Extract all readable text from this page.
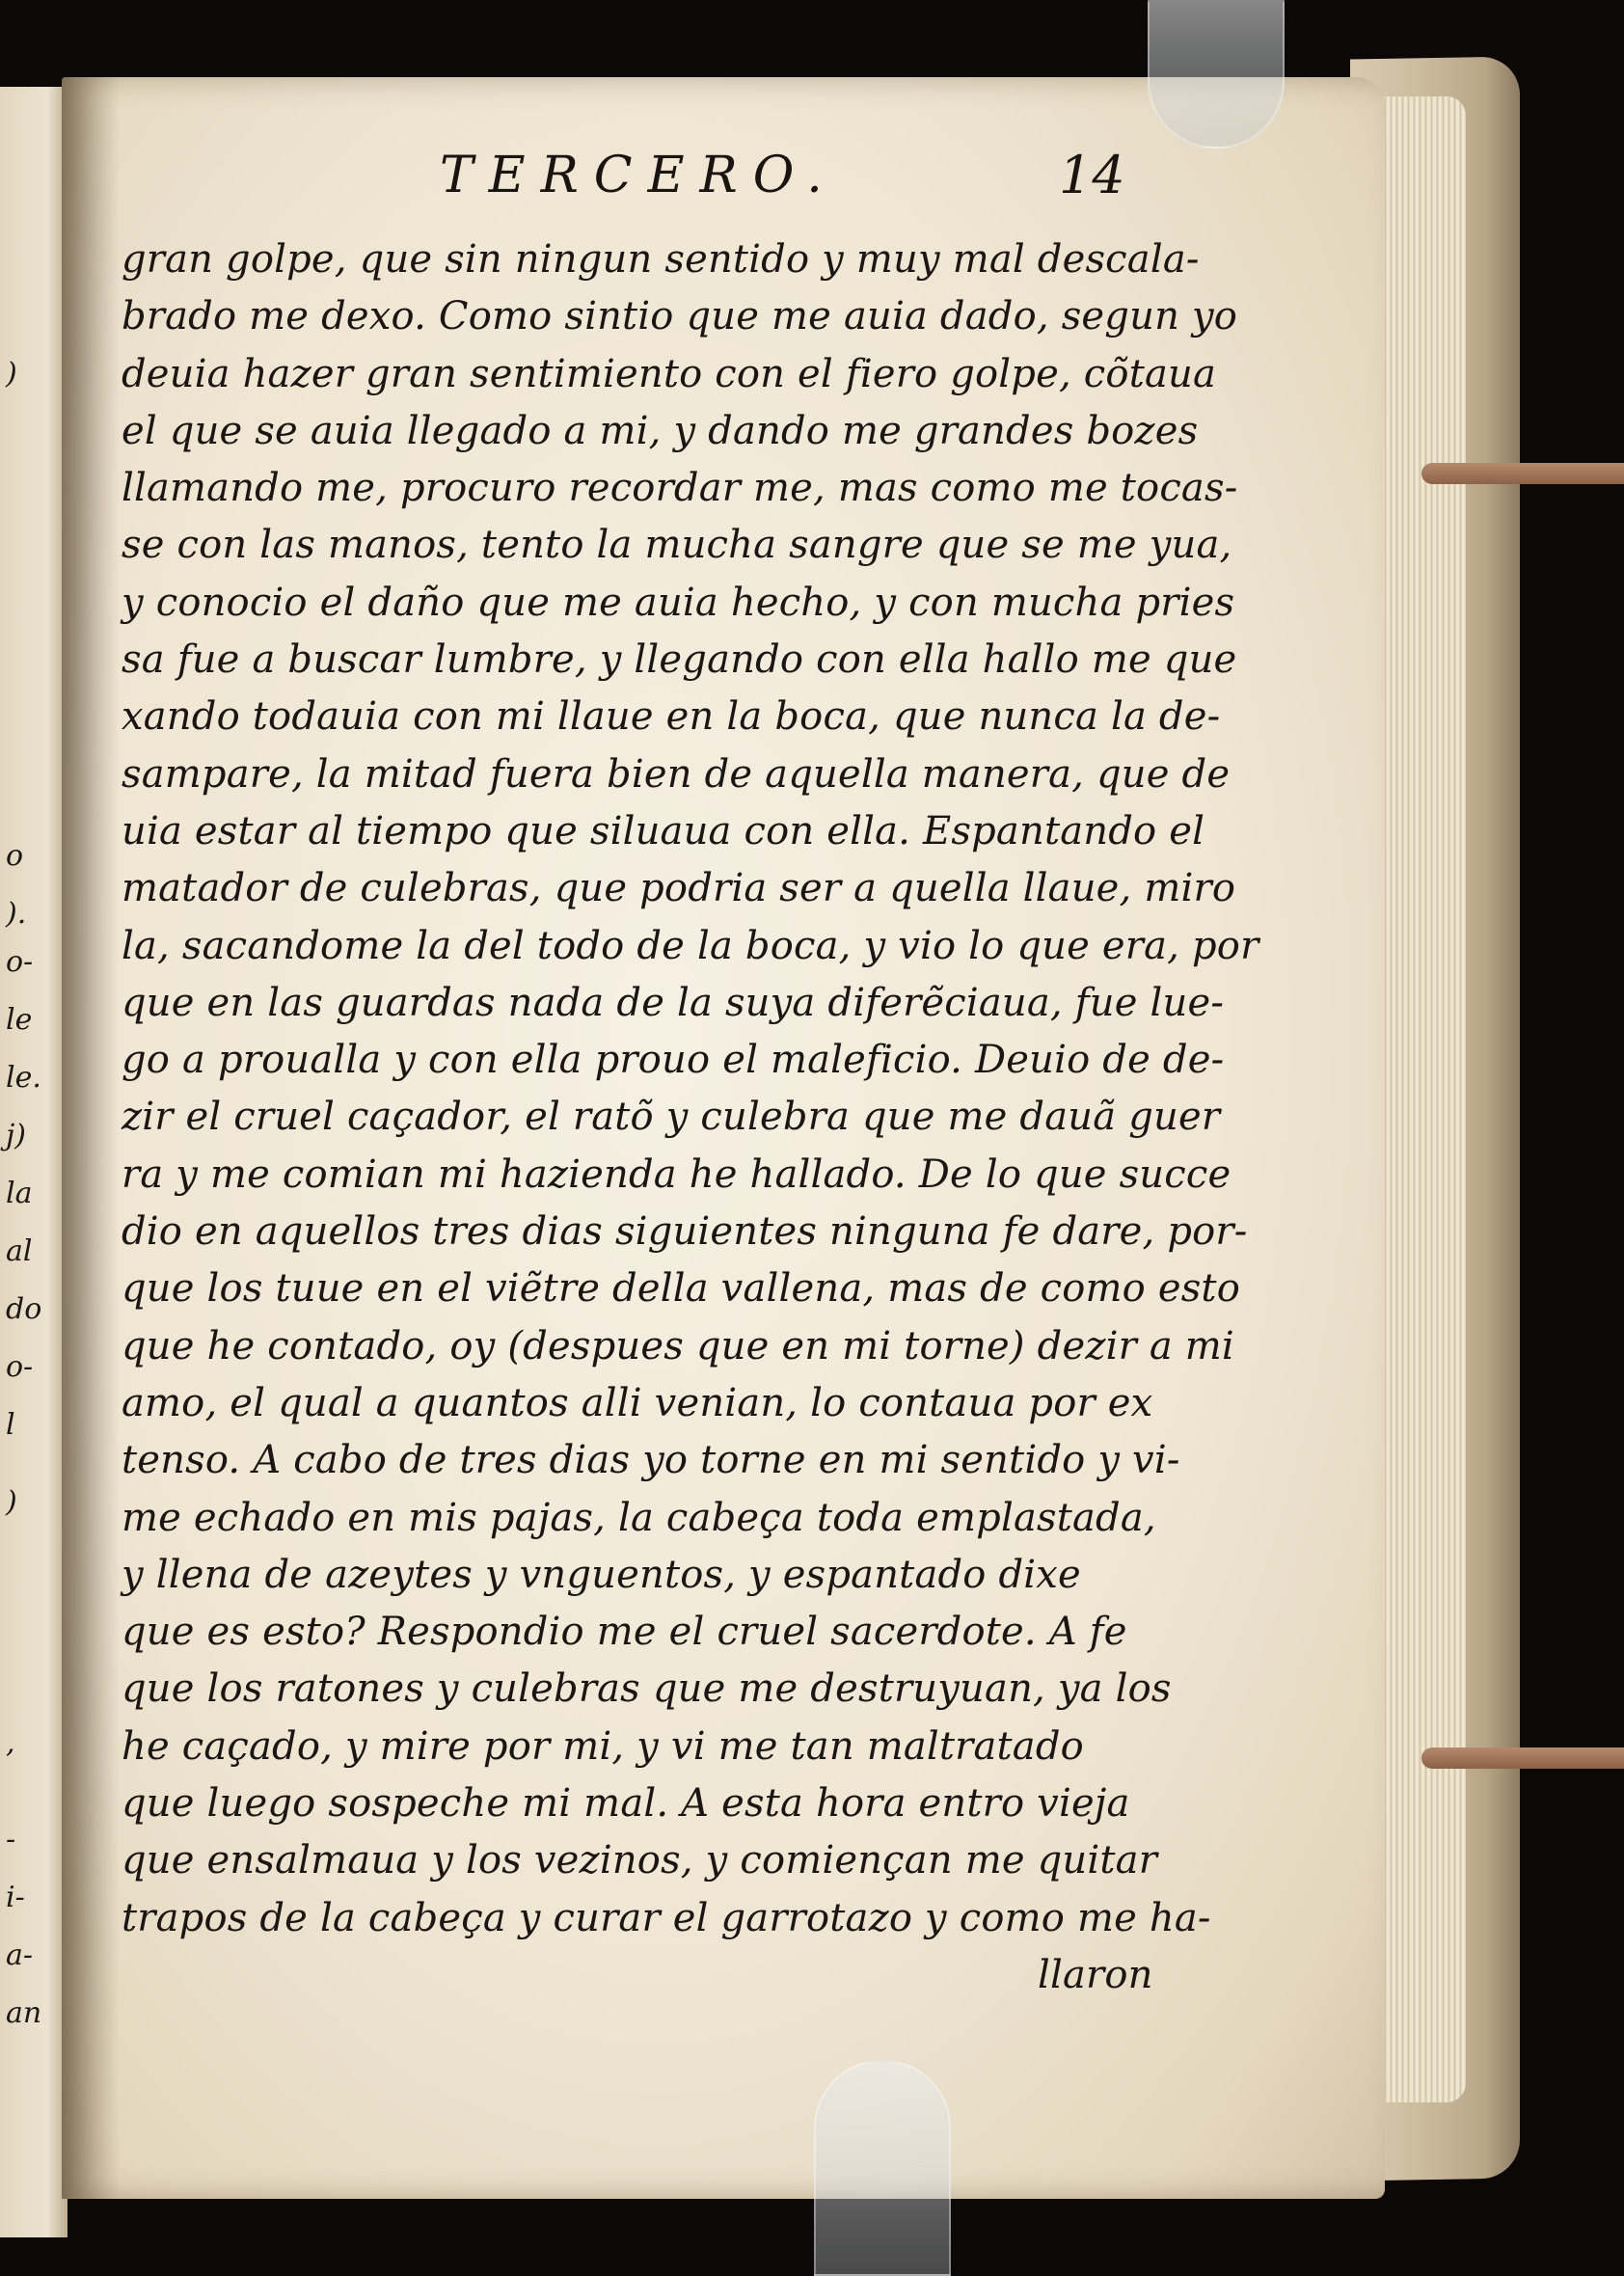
)
o
).
o-
le
le.
j)
la
al
do
o-
l
)
,
-
i-
a-
an
TERCERO.	14
gran golpe, que sin ningun sentido y muy mal descala-
brado me dexo. Como sintio que me auia dado, segun yo
deuia hazer gran sentimiento con el fiero golpe, cõtaua
el que se auia llegado a mi, y dando me grandes bozes
llamando me, procuro recordar me, mas como me tocas-
se con las manos, tento la mucha sangre que se me yua,
y conocio el daño que me auia hecho, y con mucha pries
sa fue a buscar lumbre, y llegando con ella hallo me que
xando todauia con mi llaue en la boca, que nunca la de-
sampare, la mitad fuera bien de aquella manera, que de
uia estar al tiempo que siluaua con ella. Espantando el
matador de culebras, que podria ser a quella llaue, miro
la, sacandome la del todo de la boca, y vio lo que era, por
que en las guardas nada de la suya diferẽciaua, fue lue-
go a proualla y con ella prouo el maleficio. Deuio de de-
zir el cruel caçador, el ratõ y culebra que me dauã guer
ra y me comian mi hazienda he hallado. De lo que succe
dio en aquellos tres dias siguientes ninguna fe dare, por-
que los tuue en el viẽtre della vallena, mas de como esto
que he contado, oy (despues que en mi torne) dezir a mi
amo, el qual a quantos alli venian, lo contaua por ex
tenso. A cabo de tres dias yo torne en mi sentido y vi-
me echado en mis pajas, la cabeça toda emplastada,
y llena de azeytes y vnguentos, y espantado dixe
que es esto? Respondio me el cruel sacerdote. A fe
que los ratones y culebras que me destruyuan, ya los
he caçado, y mire por mi, y vi me tan maltratado
que luego sospeche mi mal. A esta hora entro vieja
que ensalmaua y los vezinos, y comiençan me quitar
trapos de la cabeça y curar el garrotazo y como me ha-
llaron
